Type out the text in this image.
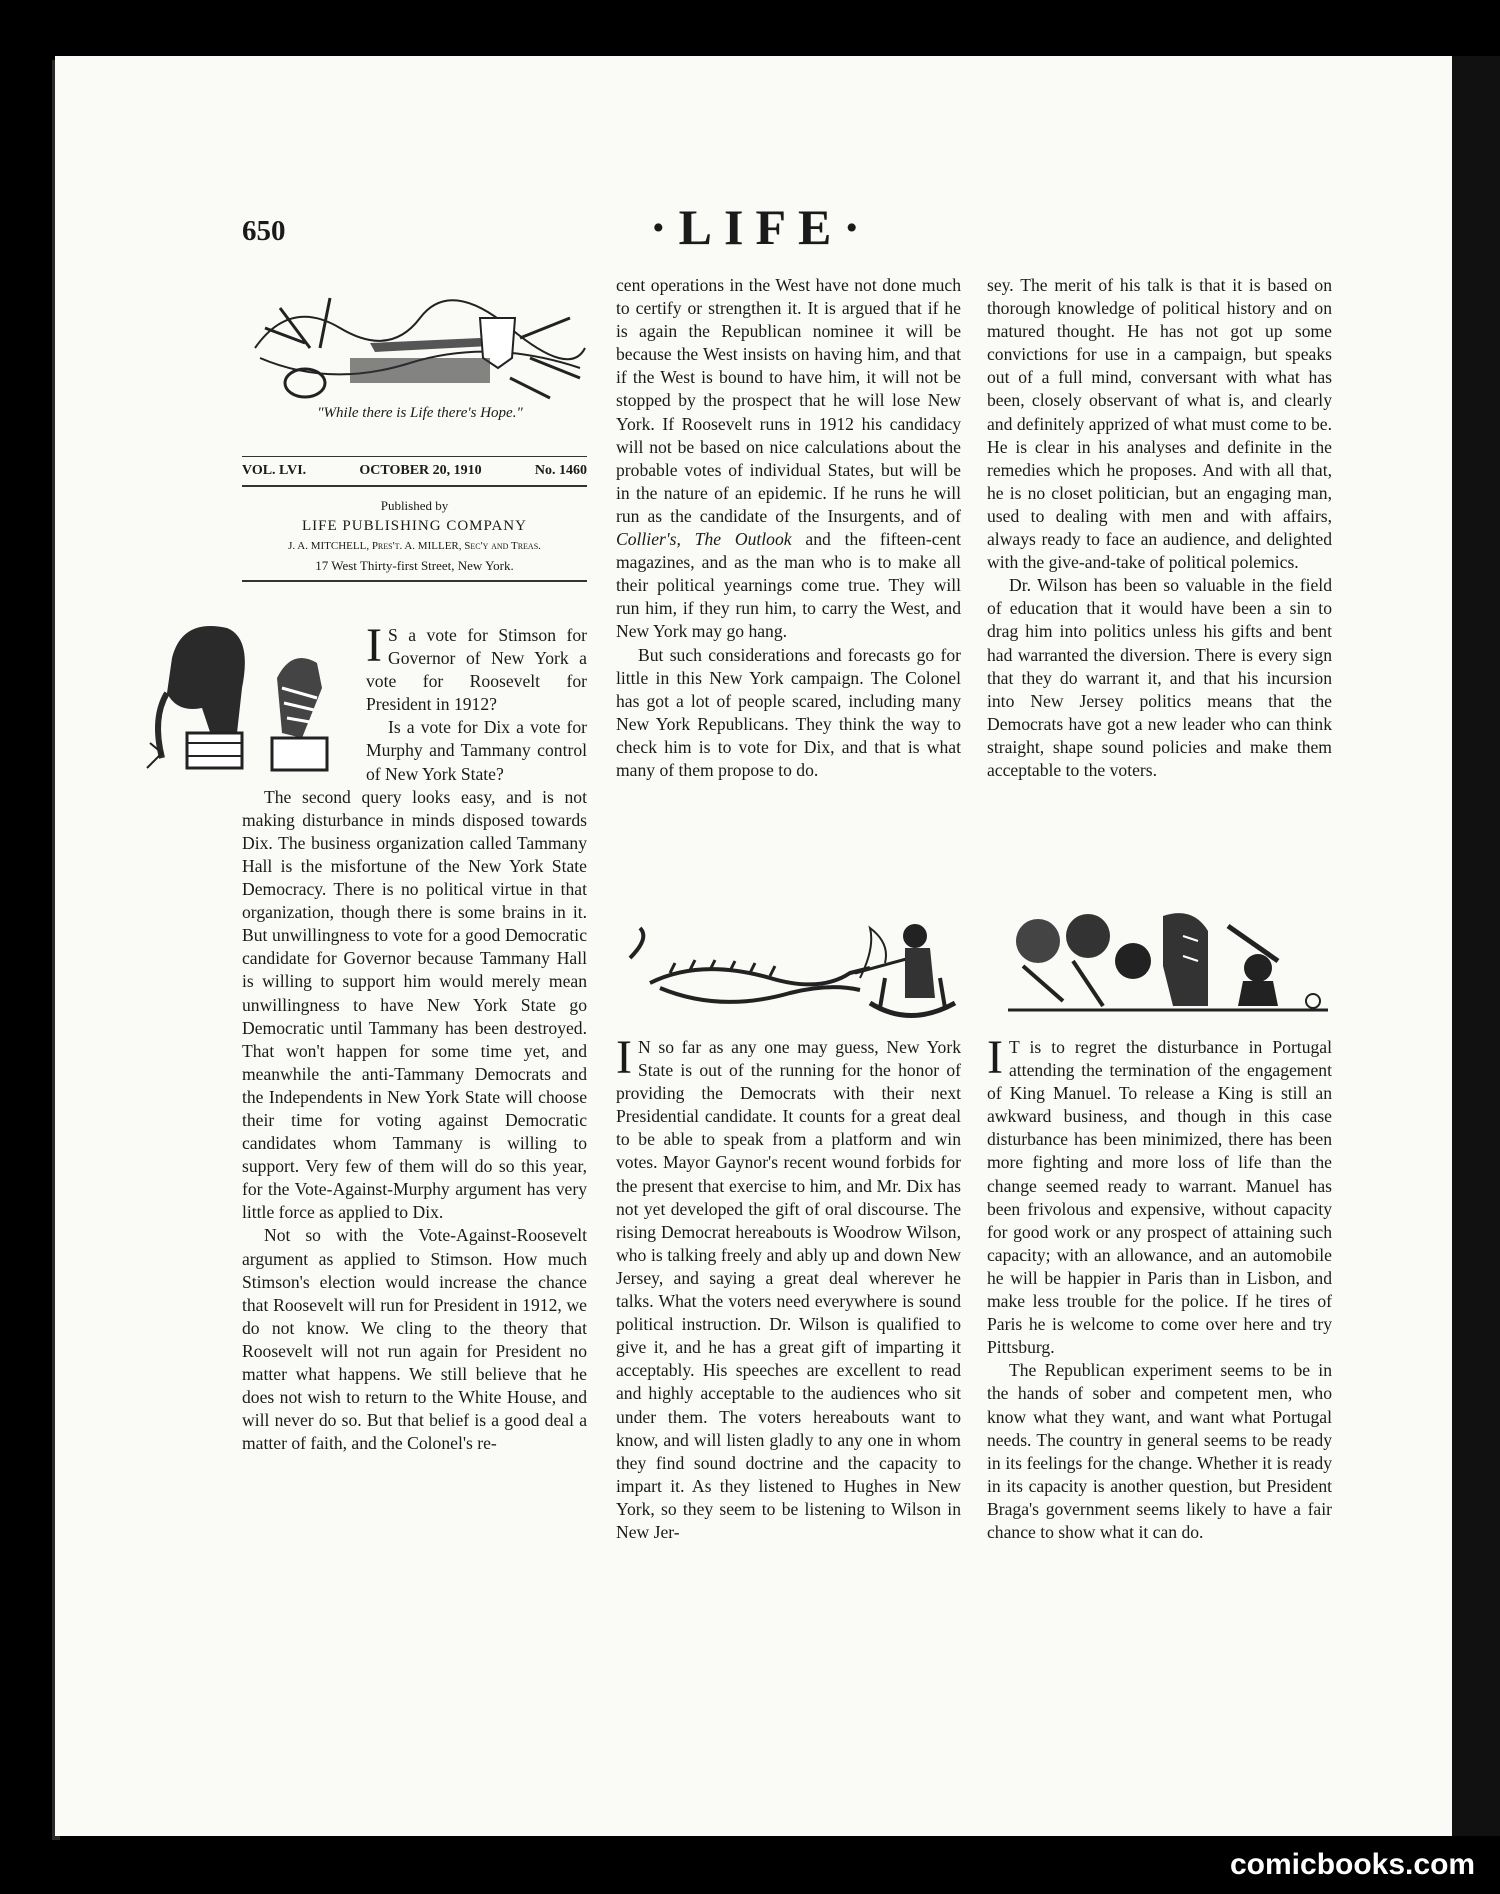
650	·LIFE·
"While there is Life there's Hope."
VOL. LVI.	OCTOBER 20, 1910	No. 1460
Published by
LIFE PUBLISHING COMPANY
J. A. MITCHELL, Pres't. A. MILLER, Sec'y and Treas.
17 West Thirty-first Street, New York.
I S a vote for Stimson for Governor of New York a vote for Roosevelt for President in 1912?

Is a vote for Dix a vote for Murphy and Tammany control of New York State?

The second query looks easy, and is not making disturbance in minds disposed towards Dix. The business organization called Tammany Hall is the misfortune of the New York State Democracy. There is no political virtue in that organization, though there is some brains in it. But unwillingness to vote for a good Democratic candidate for Governor because Tammany Hall is willing to support him would merely mean unwillingness to have New York State go Democratic until Tammany has been destroyed. That won't happen for some time yet, and meanwhile the anti-Tammany Democrats and the Independents in New York State will choose their time for voting against Democratic candidates whom Tammany is willing to support. Very few of them will do so this year, for the Vote-Against-Murphy argument has very little force as applied to Dix.

Not so with the Vote-Against-Roosevelt argument as applied to Stimson. How much Stimson's election would increase the chance that Roosevelt will run for President in 1912, we do not know. We cling to the theory that Roosevelt will not run again for President no matter what happens. We still believe that he does not wish to return to the White House, and will never do so. But that belief is a good deal a matter of faith, and the Colonel's re-

cent operations in the West have not done much to certify or strengthen it. It is argued that if he is again the Republican nominee it will be because the West insists on having him, and that if the West is bound to have him, it will not be stopped by the prospect that he will lose New York. If Roosevelt runs in 1912 his candidacy will not be based on nice calculations about the probable votes of individual States, but will be in the nature of an epidemic. If he runs he will run as the candidate of the Insurgents, and of Collier's, The Outlook and the fifteen-cent magazines, and as the man who is to make all their political yearnings come true. They will run him, if they run him, to carry the West, and New York may go hang.

But such considerations and forecasts go for little in this New York campaign. The Colonel has got a lot of people scared, including many New York Republicans. They think the way to check him is to vote for Dix, and that is what many of them propose to do.

I N so far as any one may guess, New York State is out of the running for the honor of providing the Democrats with their next Presidential candidate. It counts for a great deal to be able to speak from a platform and win votes. Mayor Gaynor's recent wound forbids for the present that exercise to him, and Mr. Dix has not yet developed the gift of oral discourse. The rising Democrat hereabouts is Woodrow Wilson, who is talking freely and ably up and down New Jersey, and saying a great deal wherever he talks. What the voters need everywhere is sound political instruction. Dr. Wilson is qualified to give it, and he has a great gift of imparting it acceptably. His speeches are excellent to read and highly acceptable to the audiences who sit under them. The voters hereabouts want to know, and will listen gladly to any one in whom they find sound doctrine and the capacity to impart it. As they listened to Hughes in New York, so they seem to be listening to Wilson in New Jer-

sey. The merit of his talk is that it is based on thorough knowledge of political history and on matured thought. He has not got up some convictions for use in a campaign, but speaks out of a full mind, conversant with what has been, closely observant of what is, and clearly and definitely apprized of what must come to be. He is clear in his analyses and definite in the remedies which he proposes. And with all that, he is no closet politician, but an engaging man, used to dealing with men and with affairs, always ready to face an audience, and delighted with the give-and-take of political polemics.

Dr. Wilson has been so valuable in the field of education that it would have been a sin to drag him into politics unless his gifts and bent had warranted the diversion. There is every sign that they do warrant it, and that his incursion into New Jersey politics means that the Democrats have got a new leader who can think straight, shape sound policies and make them acceptable to the voters.

I T is to regret the disturbance in Portugal attending the termination of the engagement of King Manuel. To release a King is still an awkward business, and though in this case disturbance has been minimized, there has been more fighting and more loss of life than the change seemed ready to warrant. Manuel has been frivolous and expensive, without capacity for good work or any prospect of attaining such capacity; with an allowance, and an automobile he will be happier in Paris than in Lisbon, and make less trouble for the police. If he tires of Paris he is welcome to come over here and try Pittsburg.

The Republican experiment seems to be in the hands of sober and competent men, who know what they want, and want what Portugal needs. The country in general seems to be ready in its feelings for the change. Whether it is ready in its capacity is another question, but President Braga's government seems likely to have a fair chance to show what it can do.

comicbooks.com
